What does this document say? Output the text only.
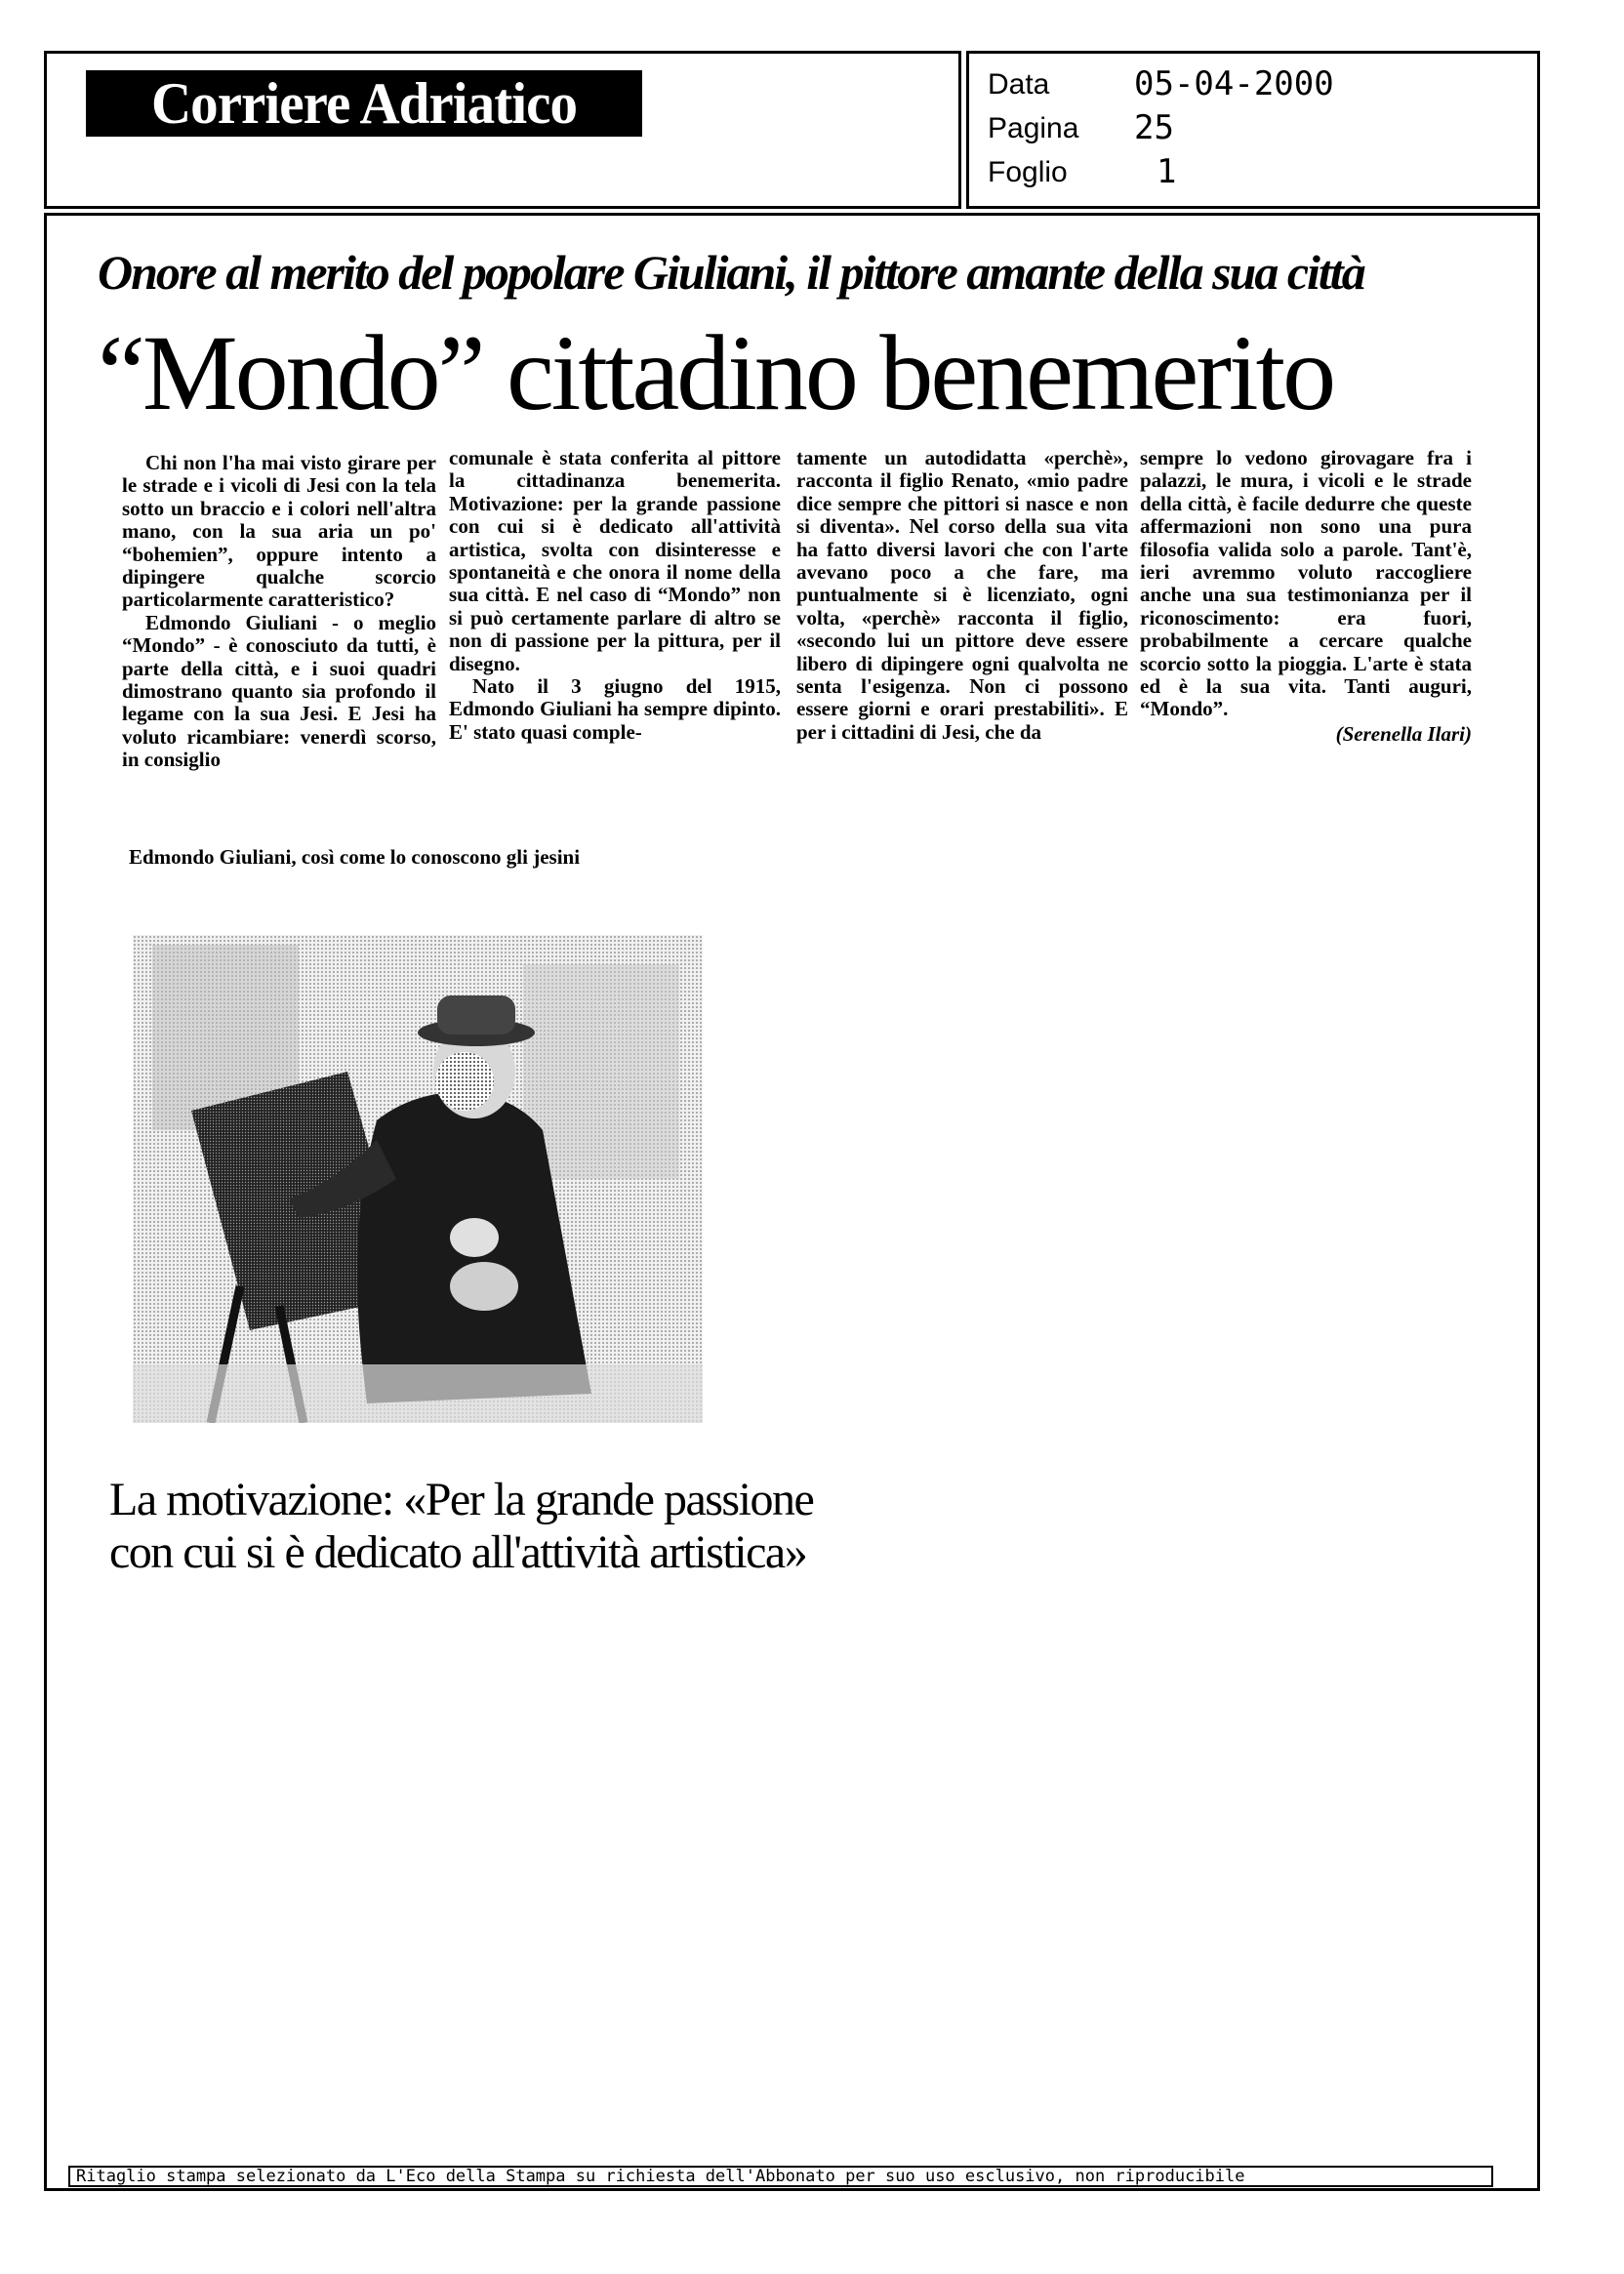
Corriere Adriatico	Data	05-04-2000
Pagina 25
Foglio	1
Onore al merito del popolare Giuliani, il pittore amante della sua città
“Mondo” cittadino benemerito

Chi non l'ha mai visto girare per le strade e i vicoli di Jesi con la tela sotto un braccio e i colori nell'altra mano, con la sua aria un po' “bohemien”, oppure intento a dipingere qualche scorcio particolarmente caratteristico?

Edmondo Giuliani - o meglio “Mondo” - è conosciuto da tutti, è parte della città, e i suoi quadri dimostrano quanto sia profondo il legame con la sua Jesi. E Jesi ha voluto ricambiare: venerdì scorso, in consiglio

comunale è stata conferita al pittore la cittadinanza benemerita. Motivazione: per la grande passione con cui si è dedicato all'attività artistica, svolta con disinteresse e spontaneità e che onora il nome della sua città. E nel caso di “Mondo” non si può certamente parlare di altro se non di passione per la pittura, per il disegno.

Nato il 3 giugno del 1915, Edmondo Giuliani ha sempre dipinto. E' stato quasi comple-

tamente un autodidatta «perchè», racconta il figlio Renato, «mio padre dice sempre che pittori si nasce e non si diventa». Nel corso della sua vita ha fatto diversi lavori che con l'arte avevano poco a che fare, ma puntualmente si è licenziato, ogni volta, «perchè» racconta il figlio, «secondo lui un pittore deve essere libero di dipingere ogni qualvolta ne senta l'esigenza. Non ci possono essere giorni e orari prestabiliti». E per i cittadini di Jesi, che da

sempre lo vedono girovagare fra i palazzi, le mura, i vicoli e le strade della città, è facile dedurre che queste affermazioni non sono una pura filosofia valida solo a parole. Tant'è, ieri avremmo voluto raccogliere anche una sua testimonianza per il riconoscimento: era fuori, probabilmente a cercare qualche scorcio sotto la pioggia. L'arte è stata ed è la sua vita. Tanti auguri, “Mondo”.

(Serenella Ilari)
Edmondo Giuliani, così come lo conoscono gli jesini
La motivazione: «Per la grande passione con cui si è dedicato all'attività artistica»
Ritaglio stampa selezionato da L'Eco della Stampa su richiesta dell'Abbonato per suo uso esclusivo, non riproducibile
